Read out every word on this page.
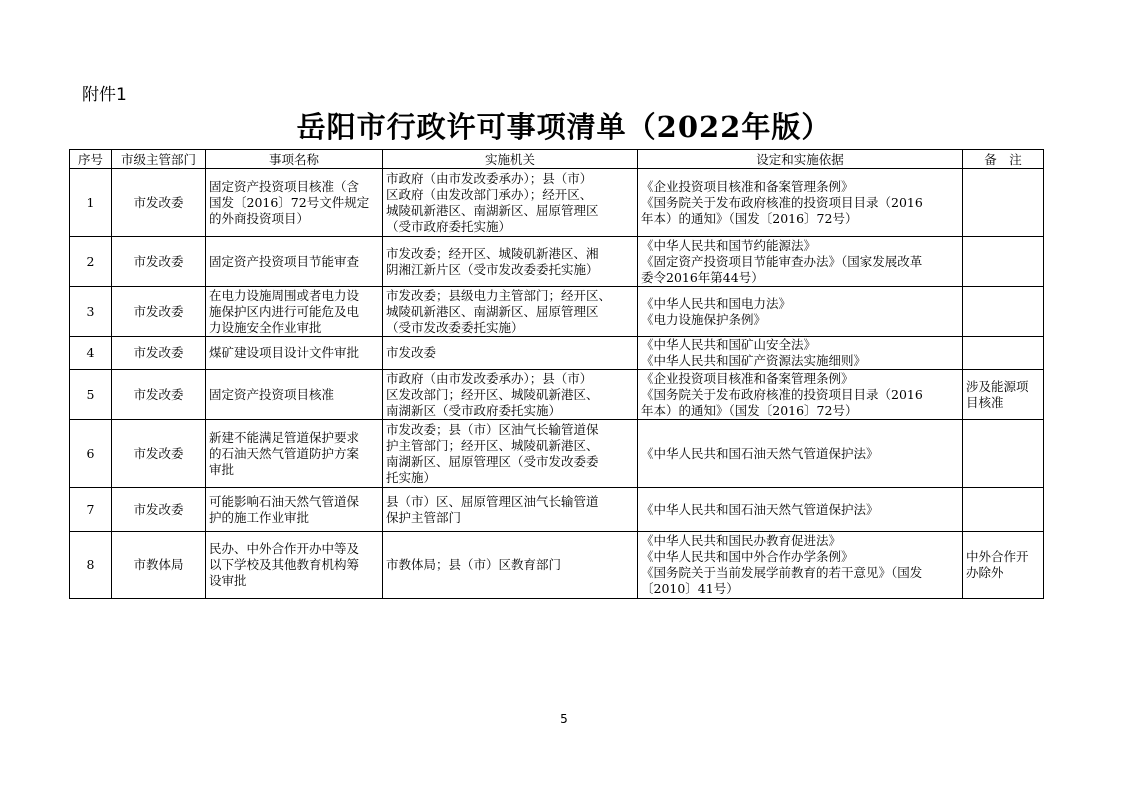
附件1
岳阳市行政许可事项清单（2022年版）
序号	市级主管部门	事项名称	实施机关	设定和实施依据	备　注
1	市发改委	固定资产投资项目核准（含
国发〔2016〕72号文件规定
的外商投资项目）	市政府（由市发改委承办）；县（市）
区政府（由发改部门承办）；经开区、
城陵矶新港区、南湖新区、屈原管理区
（受市政府委托实施）	《企业投资项目核准和备案管理条例》
《国务院关于发布政府核准的投资项目目录（2016
年本）的通知》（国发〔2016〕72号）	

2	市发改委	固定资产投资项目节能审查	市发改委；经开区、城陵矶新港区、湘
阴湘江新片区（受市发改委委托实施）	《中华人民共和国节约能源法》
《固定资产投资项目节能审查办法》（国家发展改革
委令2016年第44号）	

3	市发改委	在电力设施周围或者电力设
施保护区内进行可能危及电
力设施安全作业审批	市发改委；县级电力主管部门；经开区、
城陵矶新港区、南湖新区、屈原管理区
（受市发改委委托实施）	《中华人民共和国电力法》
《电力设施保护条例》	

4	市发改委	煤矿建设项目设计文件审批	市发改委	《中华人民共和国矿山安全法》
《中华人民共和国矿产资源法实施细则》	

5	市发改委	固定资产投资项目核准	市政府（由市发改委承办）；县（市）
区发改部门；经开区、城陵矶新港区、
南湖新区（受市政府委托实施）	《企业投资项目核准和备案管理条例》
《国务院关于发布政府核准的投资项目目录（2016
年本）的通知》（国发〔2016〕72号）	涉及能源项
目核准

6	市发改委	新建不能满足管道保护要求
的石油天然气管道防护方案
审批	市发改委；县（市）区油气长输管道保
护主管部门；经开区、城陵矶新港区、
南湖新区、屈原管理区（受市发改委委
托实施）	《中华人民共和国石油天然气管道保护法》	

7	市发改委	可能影响石油天然气管道保
护的施工作业审批	县（市）区、屈原管理区油气长输管道
保护主管部门	《中华人民共和国石油天然气管道保护法》	

8	市教体局	民办、中外合作开办中等及
以下学校及其他教育机构筹
设审批	市教体局；县（市）区教育部门	《中华人民共和国民办教育促进法》
《中华人民共和国中外合作办学条例》
《国务院关于当前发展学前教育的若干意见》（国发
〔2010〕41号）	中外合作开
办除外
5
